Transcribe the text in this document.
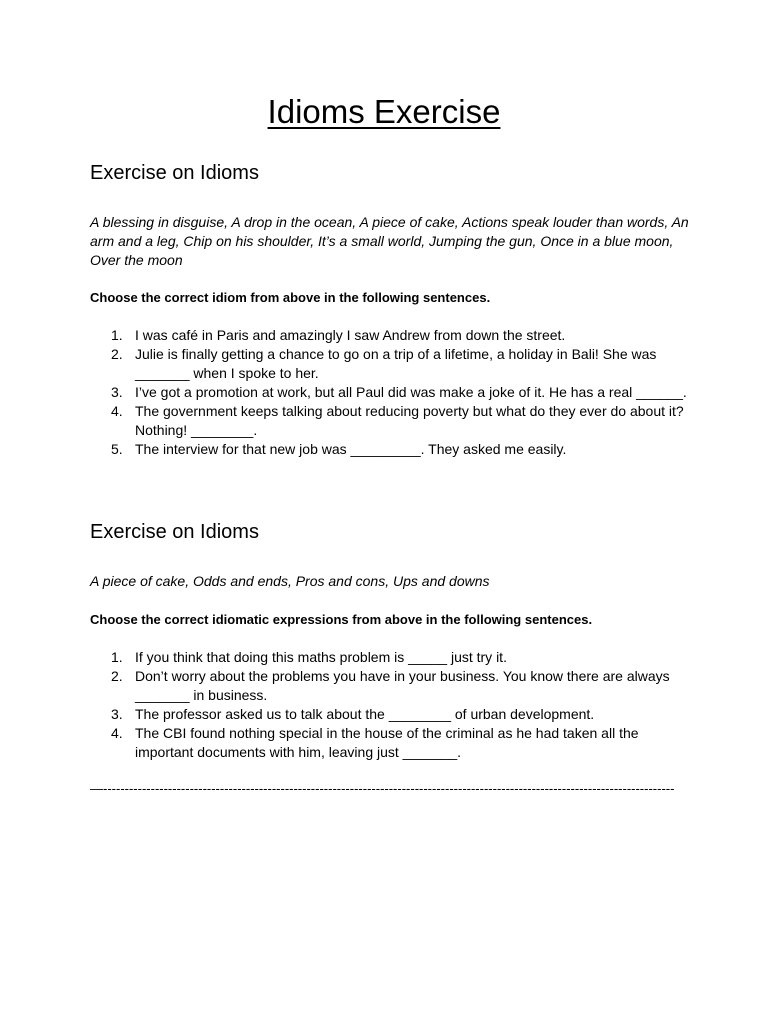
Idioms Exercise
Exercise on Idioms

A blessing in disguise, A drop in the ocean, A piece of cake, Actions speak louder than words, An arm and a leg, Chip on his shoulder, It’s a small world, Jumping the gun, Once in a blue moon, Over the moon

Choose the correct idiom from above in the following sentences.

1. I was café in Paris and amazingly I saw Andrew from down the street.
2. Julie is finally getting a chance to go on a trip of a lifetime, a holiday in Bali! She was _______ when I spoke to her.
3. I’ve got a promotion at work, but all Paul did was make a joke of it. He has a real ______.
4. The government keeps talking about reducing poverty but what do they ever do about it? Nothing! ________.
5. The interview for that new job was _________. They asked me easily.
Exercise on Idioms

A piece of cake, Odds and ends, Pros and cons, Ups and downs

Choose the correct idiomatic expressions from above in the following sentences.

1. If you think that doing this maths problem is _____ just try it.
2. Don’t worry about the problems you have in your business. You know there are always _______ in business.
3. The professor asked us to talk about the ________ of urban development.
4. The CBI found nothing special in the house of the criminal as he had taken all the important documents with him, leaving just _______.

—------------------------------------------------------------------------------------------------------------------------------------
